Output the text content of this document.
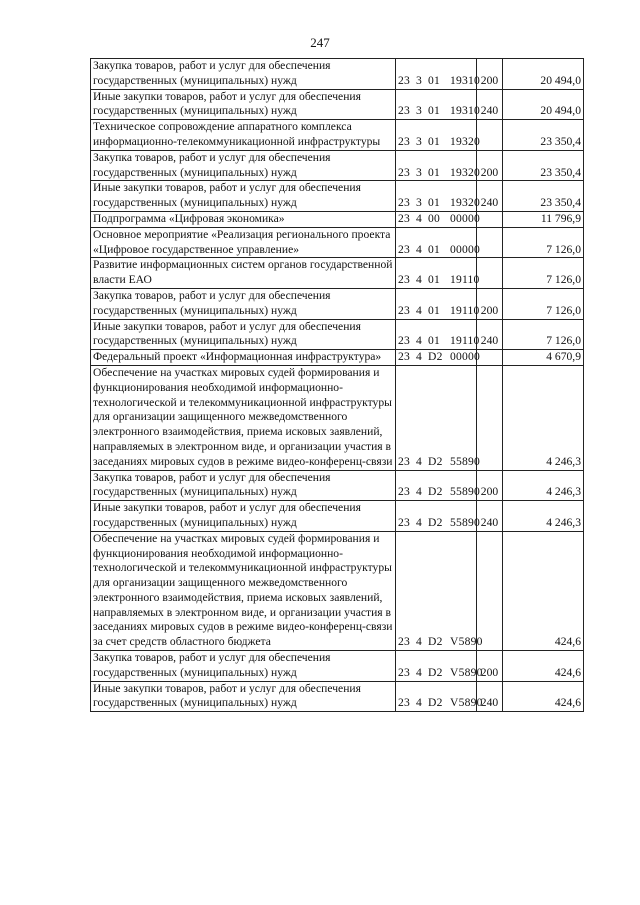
247
Закупка товаров, работ и услуг для обеспечения государственных (муниципальных) нужд	23 3 01 19310	200	20 494,0
Иные закупки товаров, работ и услуг для обеспечения государственных (муниципальных) нужд	23 3 01 19310	240	20 494,0
Техническое сопровождение аппаратного комплекса информационно-телекоммуникационной инфраструктуры	23 3 01 19320		23 350,4
Закупка товаров, работ и услуг для обеспечения государственных (муниципальных) нужд	23 3 01 19320	200	23 350,4
Иные закупки товаров, работ и услуг для обеспечения государственных (муниципальных) нужд	23 3 01 19320	240	23 350,4
Подпрограмма «Цифровая экономика»	23 4 00 00000		11 796,9
Основное мероприятие «Реализация регионального проекта «Цифровое государственное управление»	23 4 01 00000		7 126,0
Развитие информационных систем органов государственной власти ЕАО	23 4 01 19110		7 126,0
Закупка товаров, работ и услуг для обеспечения государственных (муниципальных) нужд	23 4 01 19110	200	7 126,0
Иные закупки товаров, работ и услуг для обеспечения государственных (муниципальных) нужд	23 4 01 19110	240	7 126,0
Федеральный проект «Информационная инфраструктура»	23 4 D2 00000		4 670,9
Обеспечение на участках мировых судей формирования и функционирования необходимой информационно-технологической и телекоммуникационной инфраструктуры для организации защищенного межведомственного электронного взаимодействия, приема исковых заявлений, направляемых в электронном виде, и организации участия в заседаниях мировых судов в режиме видео-конференц-связи	23 4 D2 55890		4 246,3
Закупка товаров, работ и услуг для обеспечения государственных (муниципальных) нужд	23 4 D2 55890	200	4 246,3
Иные закупки товаров, работ и услуг для обеспечения государственных (муниципальных) нужд	23 4 D2 55890	240	4 246,3
Обеспечение на участках мировых судей формирования и функционирования необходимой информационно-технологической и телекоммуникационной инфраструктуры для организации защищенного межведомственного электронного взаимодействия, приема исковых заявлений, направляемых в электронном виде, и организации участия в заседаниях мировых судов в режиме видео-конференц-связи за счет средств областного бюджета	23 4 D2 V5890		424,6
Закупка товаров, работ и услуг для обеспечения государственных (муниципальных) нужд	23 4 D2 V5890	200	424,6
Иные закупки товаров, работ и услуг для обеспечения государственных (муниципальных) нужд	23 4 D2 V5890	240	424,6
